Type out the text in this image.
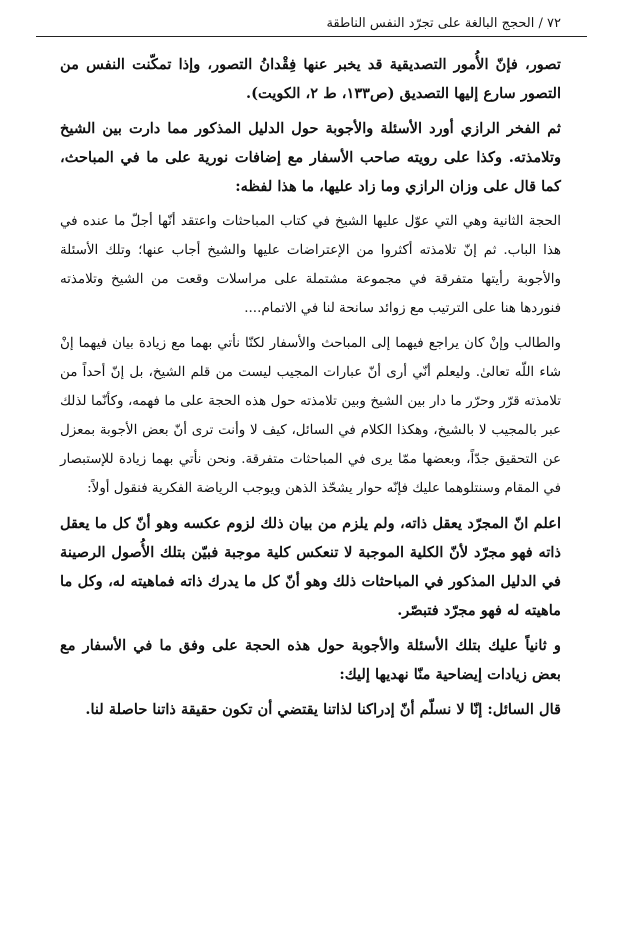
٧٢ / الحجج البالغة على تجرّد النفس الناطقة

تصور، فإنّ الأُمور التصديقية قد يخبر عنها فِقْدانُ التصور، وإذا تمكّنت النفس من التصور سارع إليها التصديق (ص١٣٣، ط ٢، الكويت).

ثم الفخر الرازي أورد الأسئلة والأجوبة حول الدليل المذكور مما دارت بين الشيخ وتلامذته. وكذا على رويته صاحب الأسفار مع إضافات نورية على ما في المباحث، كما قال على وزان الرازي وما زاد عليها، ما هذا لفظه:

الحجة الثانية وهي التي عوّل عليها الشيخ في كتاب المباحثات واعتقد أنّها أجلّ ما عنده في هذا الباب. ثم إنّ تلامذته أكثروا من الإعتراضات عليها والشيخ أجاب عنها؛ وتلك الأسئلة والأجوبة رأيتها متفرقة في مجموعة مشتملة على مراسلات وقعت من الشيخ وتلامذته فنوردها هنا على الترتيب مع زوائد سانحة لنا في الاتمام....

والطالب وإنْ كان يراجع فيهما إلى المباحث والأسفار لكنّا نأتي بهما مع زيادة بيان فيهما إنْ شاء اللّه تعالىٰ. وليعلم أنّي أرى أنّ عبارات المجيب ليست من قلم الشيخ، بل إنّ أحداً من تلامذته قرّر وحرّر ما دار بين الشيخ وبين تلامذته حول هذه الحجة على ما فهمه، وكأنّما لذلك عبر بالمجيب لا بالشيخ، وهكذا الكلام في السائل، كيف لا وأنت ترى أنّ بعض الأجوبة بمعزل عن التحقيق جدّاً، وبعضها ممّا يرى في المباحثات متفرقة. ونحن نأتي بهما زيادة للإستبصار في المقام وسنتلوهما عليك فإنّه حوار يشحّذ الذهن ويوجب الرياضة الفكرية فنقول أولاً:

اعلم انّ المجرّد يعقل ذاته، ولم يلزم من بيان ذلك لزوم عكسه وهو أنّ كل ما يعقل ذاته فهو مجرّد لأنّ الكلية الموجبة لا تنعكس كلية موجبة فبيّن بتلك الأُصول الرصينة في الدليل المذكور في المباحثات ذلك وهو أنّ كل ما يدرك ذاته فماهيته له، وكل ما ماهيته له فهو مجرّد فتبصّر.

و ثانياً عليك بتلك الأسئلة والأجوبة حول هذه الحجة على وفق ما في الأسفار مع بعض زيادات إيضاحية منّا نهديها إليك:

قال السائل: إنّا لا نسلّم أنّ إدراكنا لذاتنا يقتضي أن تكون حقيقة ذاتنا حاصلة لنا.
